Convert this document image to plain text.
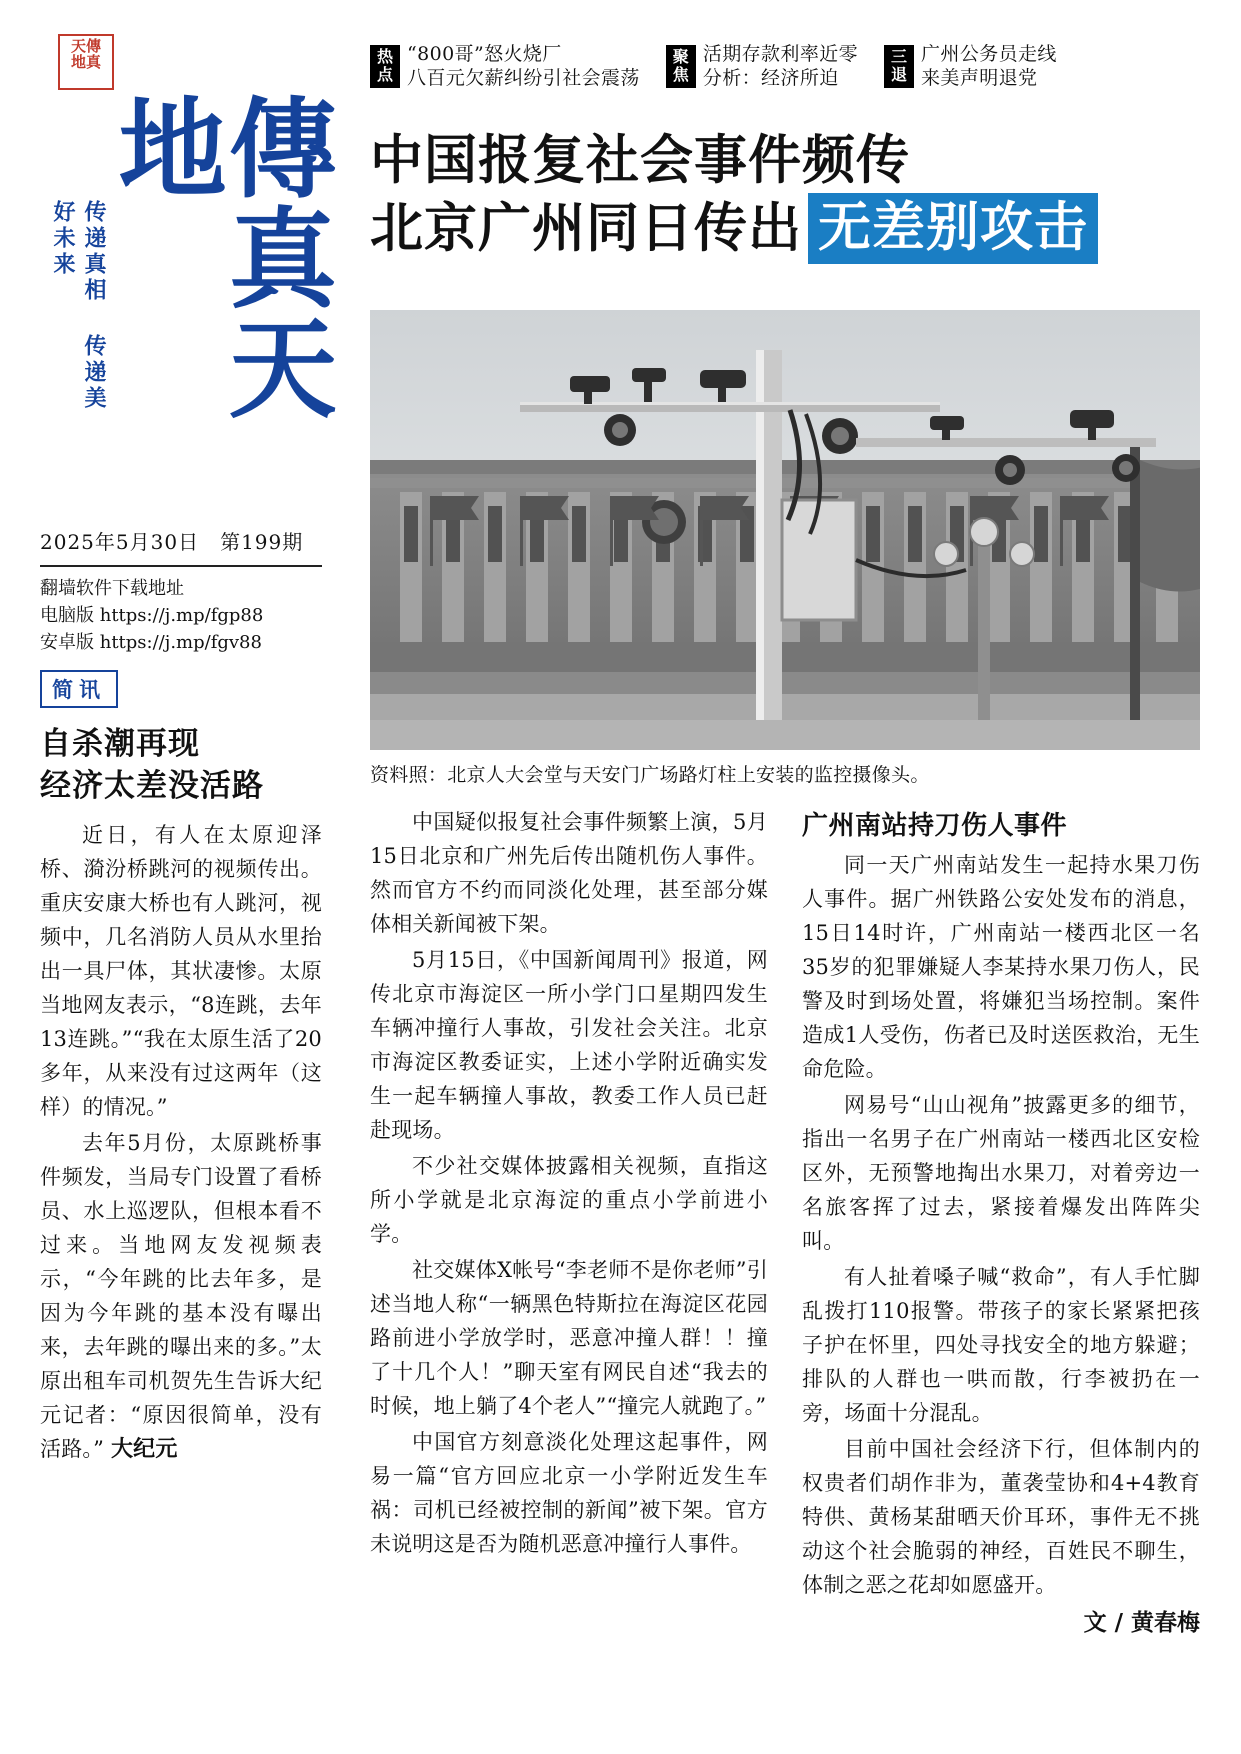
天傳
地真
传递真相 传递美好未来	傳真天地
2025年5月30日　第199期
翻墙软件下载地址
电脑版 https://j.mp/fgp88
安卓版 https://j.mp/fgv88
简讯
自杀潮再现
经济太差没活路

近日，有人在太原迎泽桥、漪汾桥跳河的视频传出。重庆安康大桥也有人跳河，视频中，几名消防人员从水里抬出一具尸体，其状凄惨。太原当地网友表示，“8连跳，去年13连跳。”“我在太原生活了20多年，从来没有过这两年（这样）的情况。”

去年5月份，太原跳桥事件频发，当局专门设置了看桥员、水上巡逻队，但根本看不过来。当地网友发视频表示，“今年跳的比去年多，是因为今年跳的基本没有曝出来，去年跳的曝出来的多。”太原出租车司机贺先生告诉大纪元记者：“原因很简单，没有活路。” 大纪元

热点
“800哥”怒火烧厂
八百元欠薪纠纷引社会震荡
聚焦
活期存款利率近零
分析：经济所迫
三退
广州公务员走线
来美声明退党
中国报复社会事件频传
北京广州同日传出 无差别攻击
资料照：北京人大会堂与天安门广场路灯柱上安装的监控摄像头。

中国疑似报复社会事件频繁上演，5月15日北京和广州先后传出随机伤人事件。然而官方不约而同淡化处理，甚至部分媒体相关新闻被下架。

5月15日，《中国新闻周刊》报道，网传北京市海淀区一所小学门口星期四发生车辆冲撞行人事故，引发社会关注。北京市海淀区教委证实，上述小学附近确实发生一起车辆撞人事故，教委工作人员已赶赴现场。

不少社交媒体披露相关视频，直指这所小学就是北京海淀的重点小学前进小学。

社交媒体X帐号“李老师不是你老师”引述当地人称“一辆黑色特斯拉在海淀区花园路前进小学放学时，恶意冲撞人群！！撞了十几个人！”聊天室有网民自述“我去的时候，地上躺了4个老人”“撞完人就跑了。”

中国官方刻意淡化处理这起事件，网易一篇“官方回应北京一小学附近发生车祸：司机已经被控制的新闻”被下架。官方未说明这是否为随机恶意冲撞行人事件。

广州南站持刀伤人事件

同一天广州南站发生一起持水果刀伤人事件。据广州铁路公安处发布的消息，15日14时许，广州南站一楼西北区一名35岁的犯罪嫌疑人李某持水果刀伤人，民警及时到场处置，将嫌犯当场控制。案件造成1人受伤，伤者已及时送医救治，无生命危险。

网易号“山山视角”披露更多的细节，指出一名男子在广州南站一楼西北区安检区外，无预警地掏出水果刀，对着旁边一名旅客挥了过去，紧接着爆发出阵阵尖叫。

有人扯着嗓子喊“救命”，有人手忙脚乱拨打110报警。带孩子的家长紧紧把孩子护在怀里，四处寻找安全的地方躲避；排队的人群也一哄而散，行李被扔在一旁，场面十分混乱。

目前中国社会经济下行，但体制内的权贵者们胡作非为，董袭莹协和4+4教育特供、黄杨某甜晒天价耳环，事件无不挑动这个社会脆弱的神经，百姓民不聊生，体制之恶之花却如愿盛开。

文 / 黄春梅
